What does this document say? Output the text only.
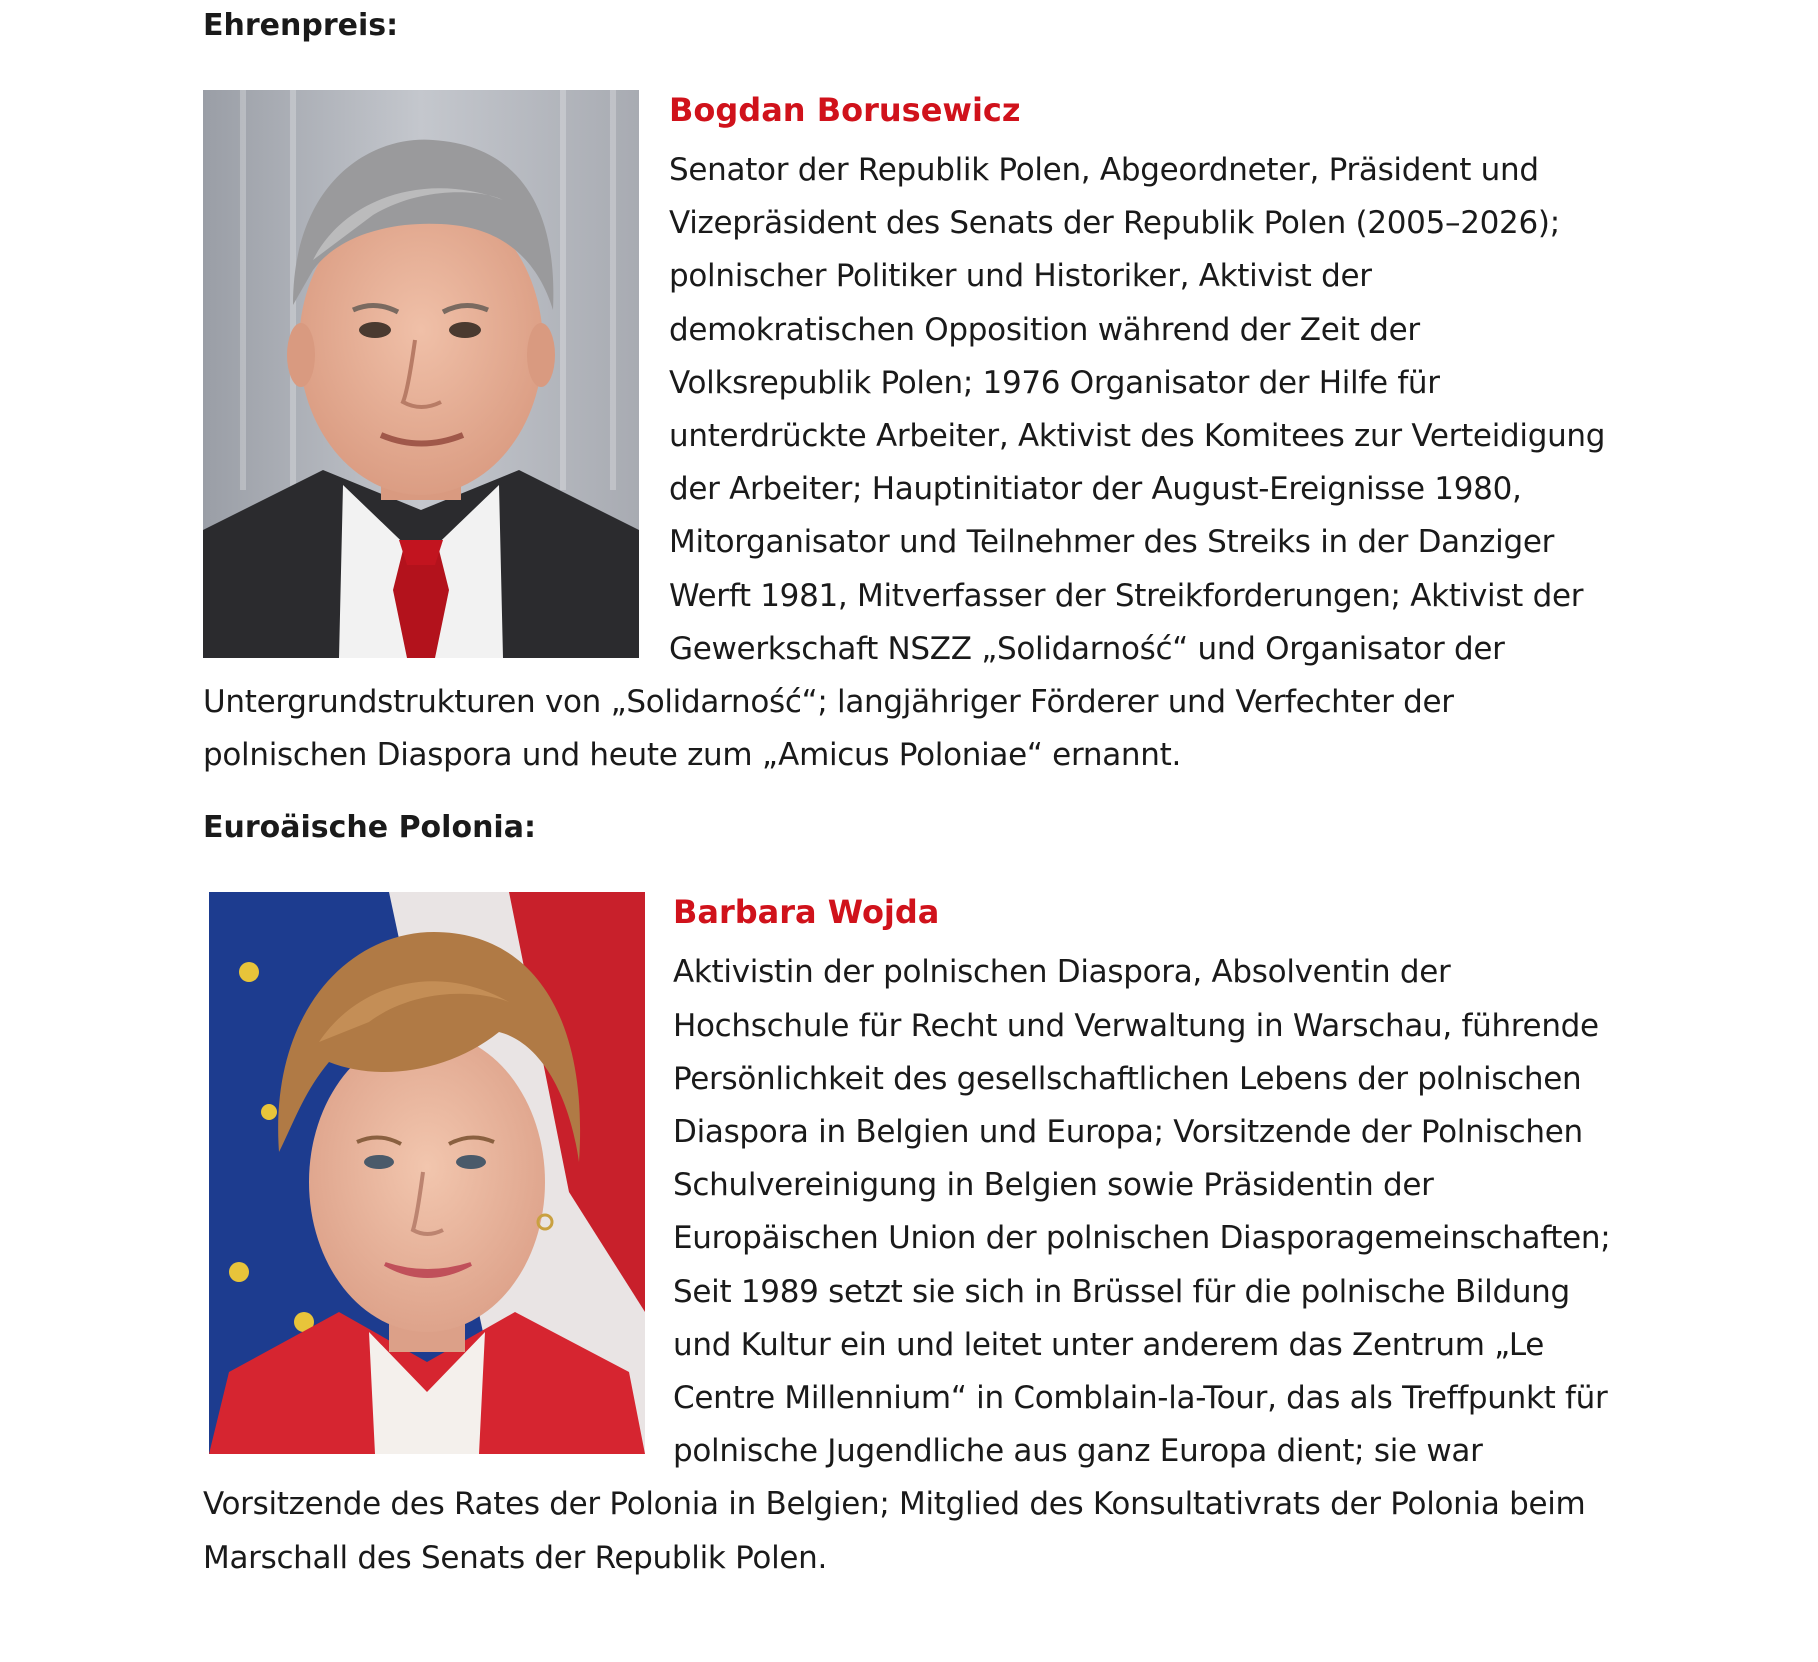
Ehrenpreis:
Bogdan Borusewicz

Senator der Republik Polen, Abgeordneter, Präsident und Vizepräsident des Senats der Republik Polen (2005–2026); polnischer Politiker und Historiker, Aktivist der demokratischen Opposition während der Zeit der Volksrepublik Polen; 1976 Organisator der Hilfe für unterdrückte Arbeiter, Aktivist des Komitees zur Verteidigung der Arbeiter; Hauptinitiator der August-Ereignisse 1980, Mitorganisator und Teilnehmer des Streiks in der Danziger Werft 1981, Mitverfasser der Streikforderungen; Aktivist der Gewerkschaft NSZZ „Solidarność“ und Organisator der Untergrundstrukturen von „Solidarność“; langjähriger Förderer und Verfechter der polnischen Diaspora und heute zum „Amicus Poloniae“ ernannt.

Euroäische Polonia:
Barbara Wojda

Aktivistin der polnischen Diaspora, Absolventin der Hochschule für Recht und Verwaltung in Warschau, führende Persönlichkeit des gesellschaftlichen Lebens der polnischen Diaspora in Belgien und Europa; Vorsitzende der Polnischen Schulvereinigung in Belgien sowie Präsidentin der Europäischen Union der polnischen Diasporagemeinschaften; Seit 1989 setzt sie sich in Brüssel für die polnische Bildung und Kultur ein und leitet unter anderem das Zentrum „Le Centre Millennium“ in Comblain-la-Tour, das als Treffpunkt für polnische Jugendliche aus ganz Europa dient; sie war Vorsitzende des Rates der Polonia in Belgien; Mitglied des Konsultativrats der Polonia beim Marschall des Senats der Republik Polen.
